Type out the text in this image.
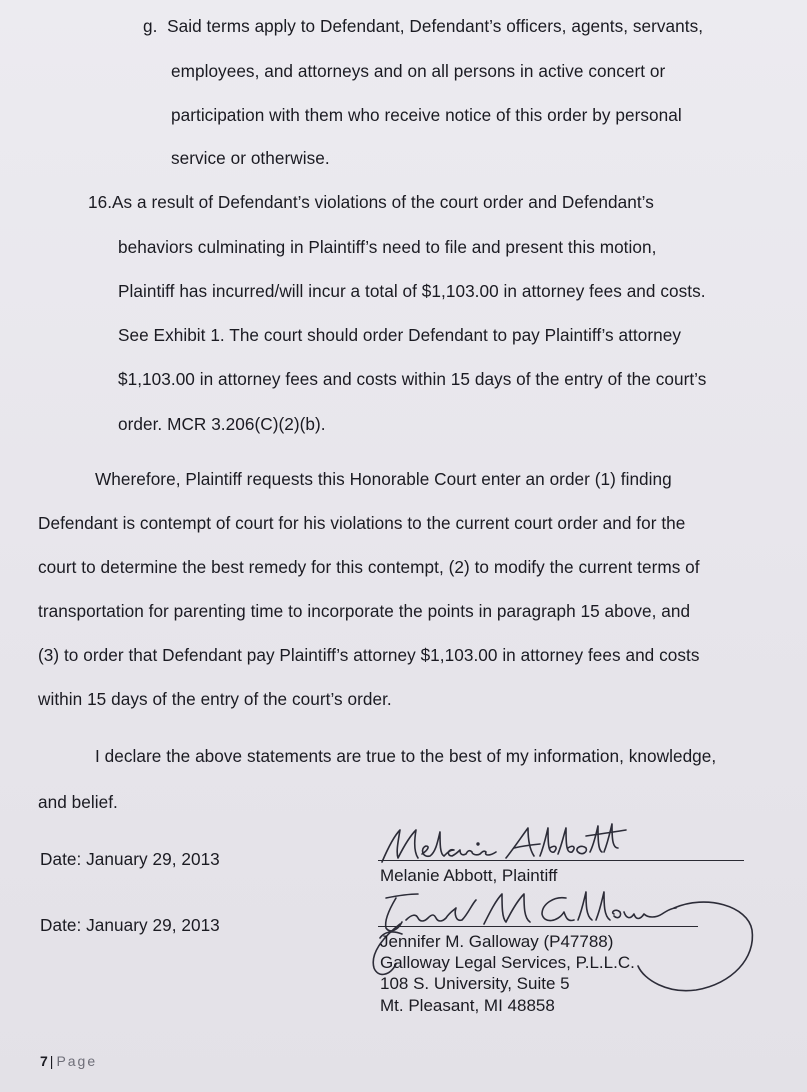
g. Said terms apply to Defendant, Defendant’s officers, agents, servants,
employees, and attorneys and on all persons in active concert or
participation with them who receive notice of this order by personal
service or otherwise.
16.As a result of Defendant’s violations of the court order and Defendant’s
behaviors culminating in Plaintiff’s need to file and present this motion,
Plaintiff has incurred/will incur a total of $1,103.00 in attorney fees and costs.
See Exhibit 1. The court should order Defendant to pay Plaintiff’s attorney
$1,103.00 in attorney fees and costs within 15 days of the entry of the court’s
order. MCR 3.206(C)(2)(b).
Wherefore, Plaintiff requests this Honorable Court enter an order (1) finding
Defendant is contempt of court for his violations to the current court order and for the
court to determine the best remedy for this contempt, (2) to modify the current terms of
transportation for parenting time to incorporate the points in paragraph 15 above, and
(3) to order that Defendant pay Plaintiff’s attorney $1,103.00 in attorney fees and costs
within 15 days of the entry of the court’s order.
I declare the above statements are true to the best of my information, knowledge,
and belief.
Date: January 29, 2013
Melanie Abbott, Plaintiff
Date: January 29, 2013
Jennifer M. Galloway (P47788)
Galloway Legal Services, P.L.L.C.
108 S. University, Suite 5
Mt. Pleasant, MI 48858
7 | Page
